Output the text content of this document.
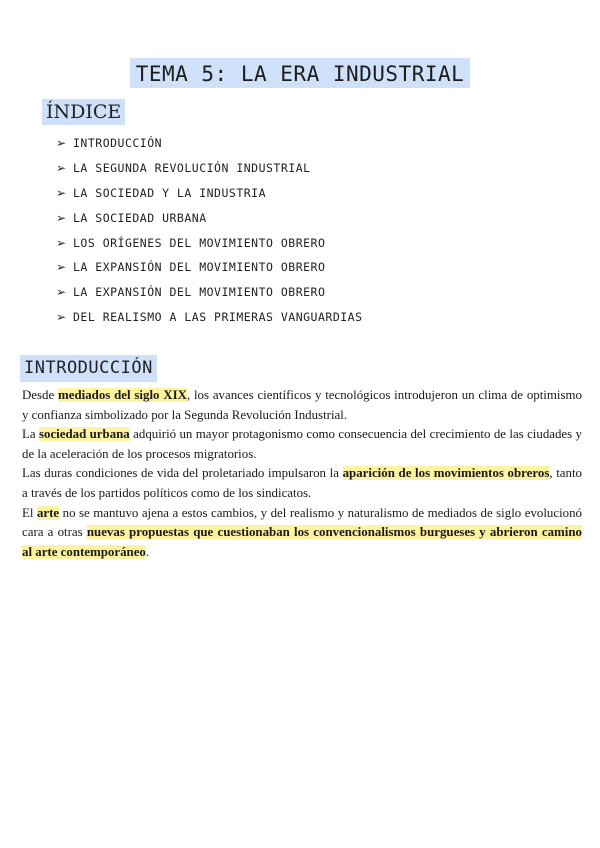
TEMA 5: LA ERA INDUSTRIAL
ÍNDICE
➢ INTRODUCCIÓN
➢ LA SEGUNDA REVOLUCIÓN INDUSTRIAL
➢ LA SOCIEDAD Y LA INDUSTRIA
➢ LA SOCIEDAD URBANA
➢ LOS ORÍGENES DEL MOVIMIENTO OBRERO
➢ LA EXPANSIÓN DEL MOVIMIENTO OBRERO
➢ LA EXPANSIÓN DEL MOVIMIENTO OBRERO
➢ DEL REALISMO A LAS PRIMERAS VANGUARDIAS
INTRODUCCIÓN

Desde mediados del siglo XIX, los avances científicos y tecnológicos introdujeron un clima de optimismo y confianza simbolizado por la Segunda Revolución Industrial.

La sociedad urbana adquirió un mayor protagonismo como consecuencia del crecimiento de las ciudades y de la aceleración de los procesos migratorios.

Las duras condiciones de vida del proletariado impulsaron la aparición de los movimientos obreros, tanto a través de los partidos políticos como de los sindicatos.

El arte no se mantuvo ajena a estos cambios, y del realismo y naturalismo de mediados de siglo evolucionó cara a otras nuevas propuestas que cuestionaban los convencionalismos burgueses y abrieron camino al arte contemporáneo.
